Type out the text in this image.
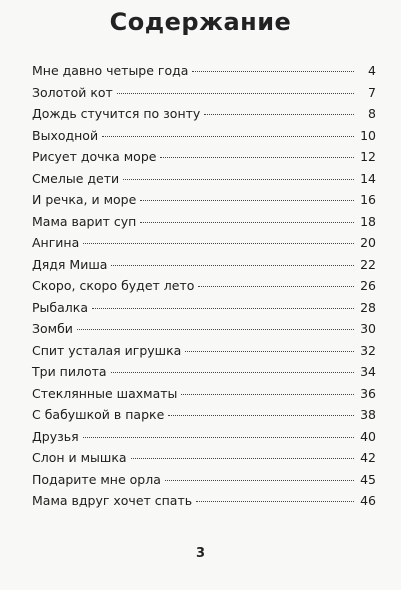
Содержание
Мне давно четыре года	4
Золотой кот	7
Дождь стучится по зонту	8
Выходной	10
Рисует дочка море	12
Смелые дети	14
И речка, и море	16
Мама варит суп	18
Ангина	20
Дядя Миша	22
Скоро, скоро будет лето	26
Рыбалка	28
Зомби	30
Спит усталая игрушка	32
Три пилота	34
Стеклянные шахматы	36
С бабушкой в парке	38
Друзья	40
Слон и мышка	42
Подарите мне орла	45
Мама вдруг хочет спать	46
3
